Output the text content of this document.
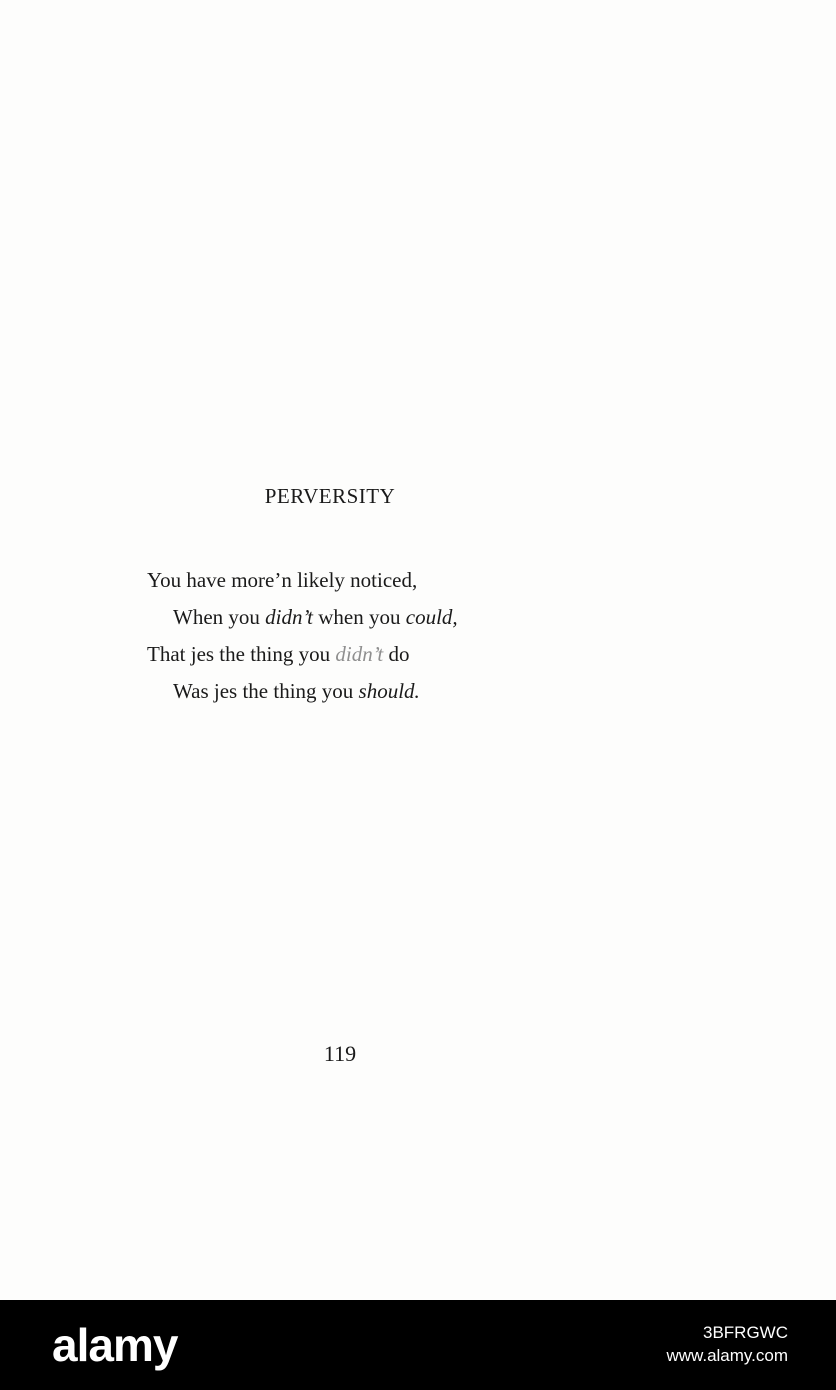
PERVERSITY
You have more’n likely noticed,
When you didn’t when you could,
That jes the thing you didn’t do
Was jes the thing you should.
119
alamy	3BFRGWC
www.alamy.com
